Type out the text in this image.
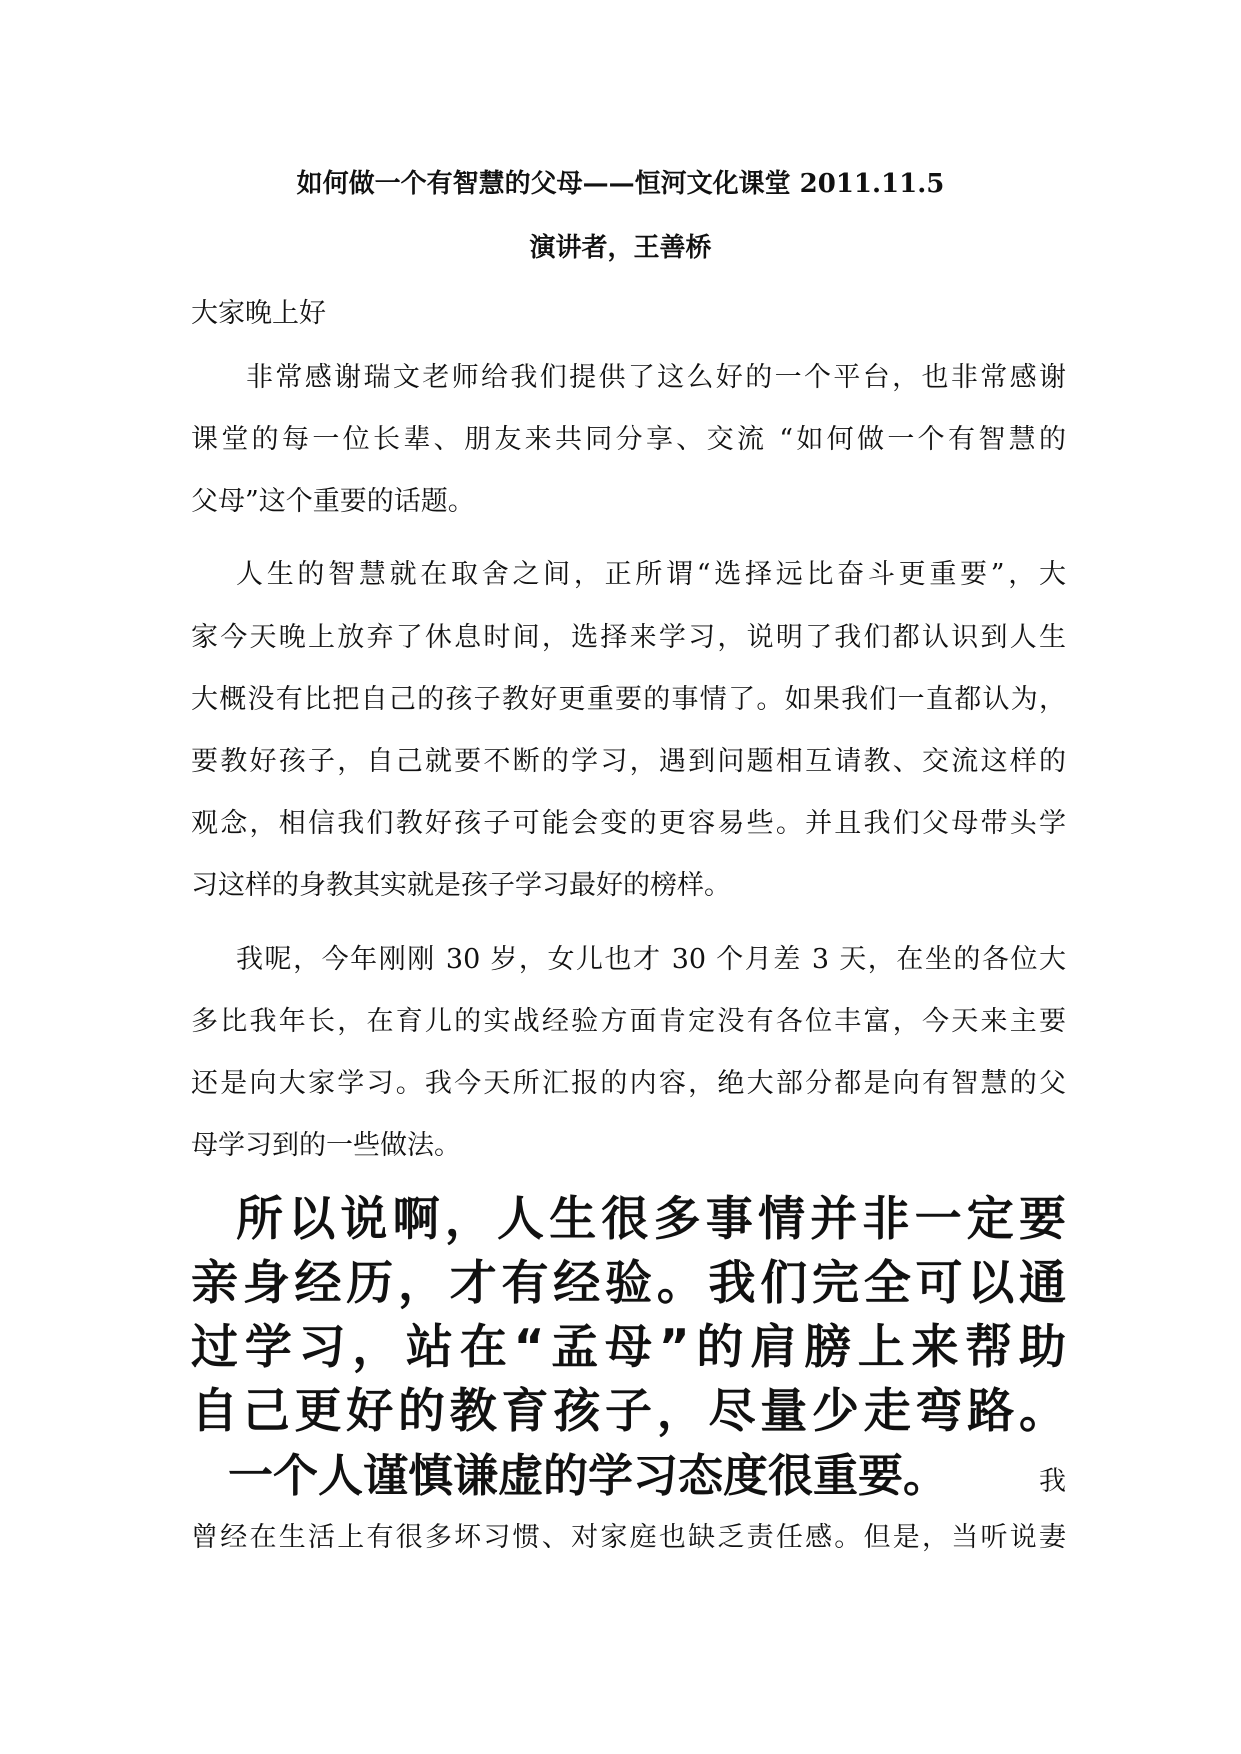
如何做一个有智慧的父母——恒河文化课堂 2011.11.5
演讲者，王善桥
大家晚上好
非常感谢瑞文老师给我们提供了这么好的一个平台，也非常感谢
课堂的每一位长辈、朋友来共同分享、交流 “如何做一个有智慧的
父母”这个重要的话题。
人生的智慧就在取舍之间，正所谓“选择远比奋斗更重要”，大
家今天晚上放弃了休息时间，选择来学习，说明了我们都认识到人生
大概没有比把自己的孩子教好更重要的事情了。如果我们一直都认为，
要教好孩子，自己就要不断的学习，遇到问题相互请教、交流这样的
观念，相信我们教好孩子可能会变的更容易些。并且我们父母带头学
习这样的身教其实就是孩子学习最好的榜样。
我呢，今年刚刚 30 岁，女儿也才 30 个月差 3 天，在坐的各位大
多比我年长，在育儿的实战经验方面肯定没有各位丰富，今天来主要
还是向大家学习。我今天所汇报的内容，绝大部分都是向有智慧的父
母学习到的一些做法。
所以说啊，人生很多事情并非一定要
亲身经历，才有经验。我们完全可以通
过学习，站在“孟母”的肩膀上来帮助
自己更好的教育孩子，尽量少走弯路。
一个人谨慎谦虚的学习态度很重要。	我
曾经在生活上有很多坏习惯、对家庭也缺乏责任感。但是，当听说妻
